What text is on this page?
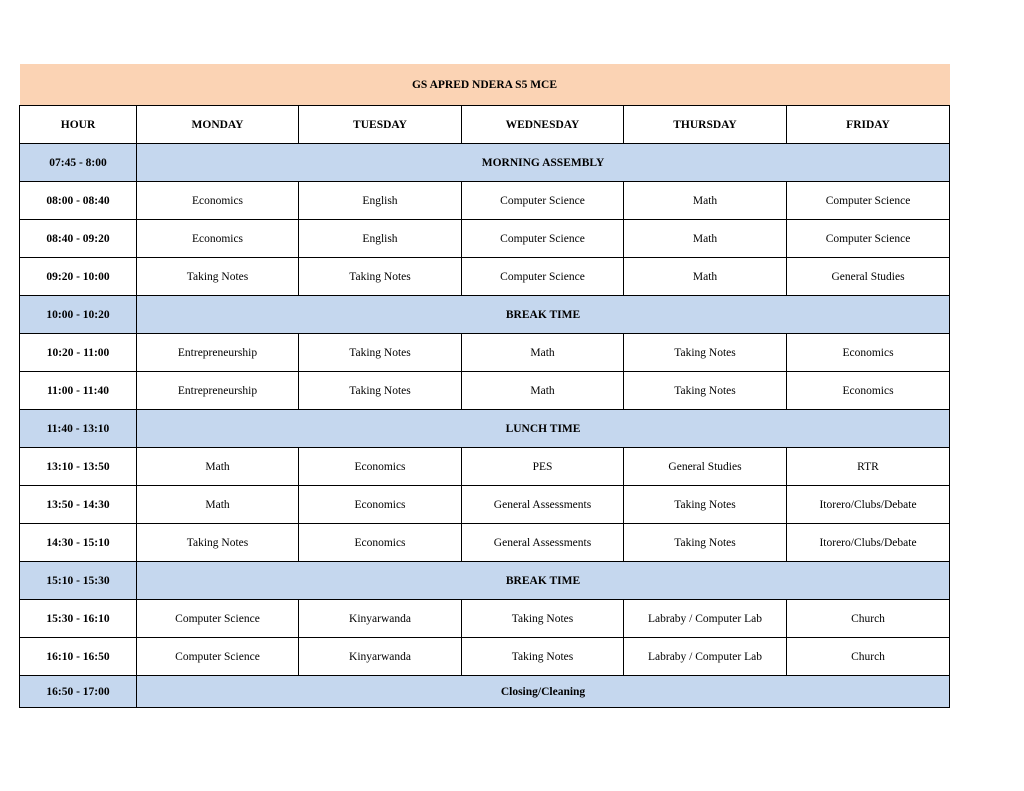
GS APRED NDERA S5 MCE					
HOUR	MONDAY	TUESDAY	WEDNESDAY	THURSDAY	FRIDAY
07:45 - 8:00	MORNING ASSEMBLY				
08:00 - 08:40	Economics	English	Computer Science	Math	Computer Science
08:40 - 09:20	Economics	English	Computer Science	Math	Computer Science
09:20 - 10:00	Taking Notes	Taking Notes	Computer Science	Math	General Studies
10:00 - 10:20	BREAK TIME				
10:20 - 11:00	Entrepreneurship	Taking Notes	Math	Taking Notes	Economics
11:00 - 11:40	Entrepreneurship	Taking Notes	Math	Taking Notes	Economics
11:40 - 13:10	LUNCH TIME				
13:10 - 13:50	Math	Economics	PES	General Studies	RTR
13:50 - 14:30	Math	Economics	General Assessments	Taking Notes	Itorero/Clubs/Debate
14:30 - 15:10	Taking Notes	Economics	General Assessments	Taking Notes	Itorero/Clubs/Debate
15:10 - 15:30	BREAK TIME				
15:30 - 16:10	Computer Science	Kinyarwanda	Taking Notes	Labraby / Computer Lab	Church
16:10 - 16:50	Computer Science	Kinyarwanda	Taking Notes	Labraby / Computer Lab	Church
16:50 - 17:00	Closing/Cleaning				
